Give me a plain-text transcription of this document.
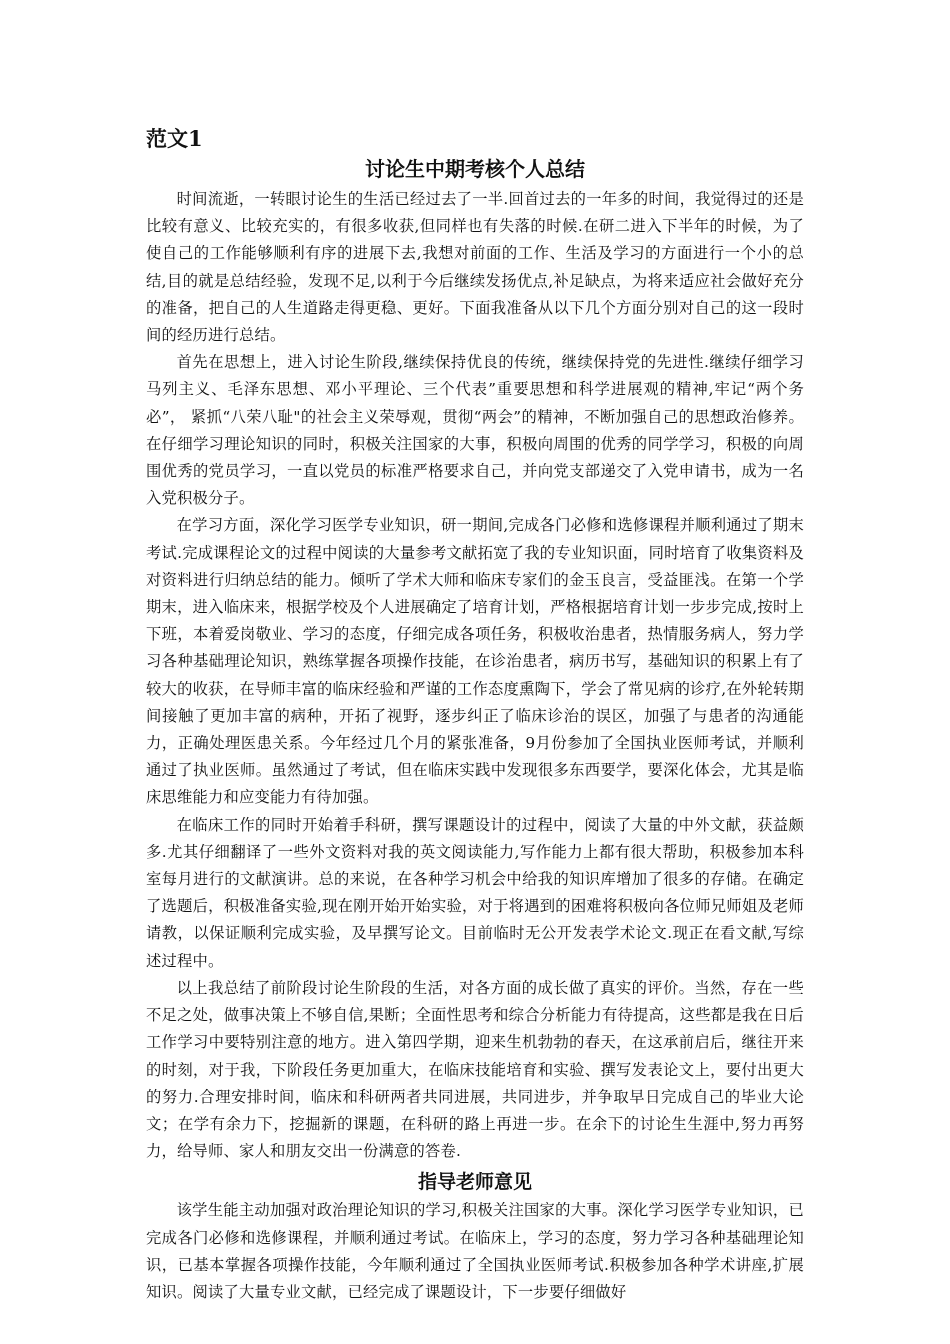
范文1
讨论生中期考核个人总结

时间流逝，一转眼讨论生的生活已经过去了一半.回首过去的一年多的时间，我觉得过的还是比较有意义、比较充实的，有很多收获,但同样也有失落的时候.在研二进入下半年的时候，为了使自己的工作能够顺利有序的进展下去,我想对前面的工作、生活及学习的方面进行一个小的总结,目的就是总结经验，发现不足,以利于今后继续发扬优点,补足缺点，为将来适应社会做好充分的准备，把自己的人生道路走得更稳、更好。下面我准备从以下几个方面分别对自己的这一段时间的经历进行总结。

首先在思想上，进入讨论生阶段,继续保持优良的传统，继续保持党的先进性.继续仔细学习马列主义、毛泽东思想、邓小平理论、三个代表”重要思想和科学进展观的精神,牢记“两个务必”， 紧抓“八荣八耻"的社会主义荣辱观，贯彻“两会”的精神，不断加强自己的思想政治修养。在仔细学习理论知识的同时，积极关注国家的大事，积极向周围的优秀的同学学习，积极的向周围优秀的党员学习，一直以党员的标准严格要求自己，并向党支部递交了入党申请书，成为一名入党积极分子。

在学习方面，深化学习医学专业知识，研一期间,完成各门必修和选修课程并顺利通过了期末考试.完成课程论文的过程中阅读的大量参考文献拓宽了我的专业知识面，同时培育了收集资料及对资料进行归纳总结的能力。倾听了学术大师和临床专家们的金玉良言，受益匪浅。在第一个学期末，进入临床来，根据学校及个人进展确定了培育计划，严格根据培育计划一步步完成,按时上下班，本着爱岗敬业、学习的态度，仔细完成各项任务，积极收治患者，热情服务病人，努力学习各种基础理论知识，熟练掌握各项操作技能，在诊治患者，病历书写，基础知识的积累上有了较大的收获，在导师丰富的临床经验和严谨的工作态度熏陶下，学会了常见病的诊疗,在外轮转期间接触了更加丰富的病种，开拓了视野，逐步纠正了临床诊治的误区，加强了与患者的沟通能力，正确处理医患关系。今年经过几个月的紧张准备，9月份参加了全国执业医师考试，并顺利通过了执业医师。虽然通过了考试，但在临床实践中发现很多东西要学，要深化体会，尤其是临床思维能力和应变能力有待加强。

在临床工作的同时开始着手科研，撰写课题设计的过程中，阅读了大量的中外文献，获益颇多.尤其仔细翻译了一些外文资料对我的英文阅读能力,写作能力上都有很大帮助，积极参加本科室每月进行的文献演讲。总的来说，在各种学习机会中给我的知识库增加了很多的存储。在确定了选题后，积极准备实验,现在刚开始开始实验，对于将遇到的困难将积极向各位师兄师姐及老师请教，以保证顺利完成实验，及早撰写论文。目前临时无公开发表学术论文.现正在看文献,写综述过程中。

以上我总结了前阶段讨论生阶段的生活，对各方面的成长做了真实的评价。当然，存在一些不足之处，做事决策上不够自信,果断；全面性思考和综合分析能力有待提高，这些都是我在日后工作学习中要特别注意的地方。进入第四学期，迎来生机勃勃的春天，在这承前启后，继往开来的时刻，对于我，下阶段任务更加重大，在临床技能培育和实验、撰写发表论文上，要付出更大的努力.合理安排时间，临床和科研两者共同进展，共同进步，并争取早日完成自己的毕业大论文；在学有余力下，挖掘新的课题，在科研的路上再进一步。在余下的讨论生生涯中,努力再努力，给导师、家人和朋友交出一份满意的答卷.

指导老师意见

该学生能主动加强对政治理论知识的学习,积极关注国家的大事。深化学习医学专业知识，已完成各门必修和选修课程，并顺利通过考试。在临床上，学习的态度，努力学习各种基础理论知识，已基本掌握各项操作技能，今年顺利通过了全国执业医师考试.积极参加各种学术讲座,扩展知识。阅读了大量专业文献，已经完成了课题设计，下一步要仔细做好
